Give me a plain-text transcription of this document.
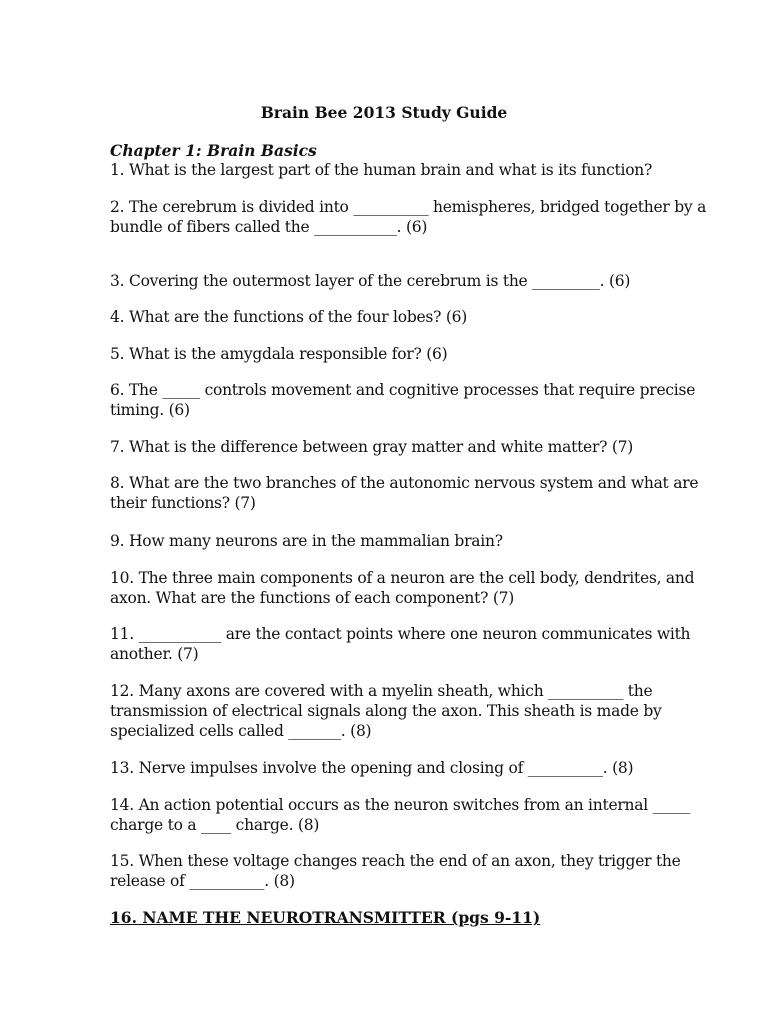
Brain Bee 2013 Study Guide
Chapter 1: Brain Basics
1. What is the largest part of the human brain and what is its function?
2. The cerebrum is divided into __________ hemispheres, bridged together by a bundle of fibers called the ___________. (6)
3. Covering the outermost layer of the cerebrum is the _________. (6)
4. What are the functions of the four lobes? (6)
5. What is the amygdala responsible for? (6)
6. The _____ controls movement and cognitive processes that require precise timing. (6)
7. What is the difference between gray matter and white matter? (7)
8. What are the two branches of the autonomic nervous system and what are their functions? (7)
9. How many neurons are in the mammalian brain?
10. The three main components of a neuron are the cell body, dendrites, and axon. What are the functions of each component? (7)
11. ___________ are the contact points where one neuron communicates with another. (7)
12. Many axons are covered with a myelin sheath, which __________ the transmission of electrical signals along the axon. This sheath is made by specialized cells called _______. (8)
13. Nerve impulses involve the opening and closing of __________. (8)
14. An action potential occurs as the neuron switches from an internal _____ charge to a ____ charge. (8)
15. When these voltage changes reach the end of an axon, they trigger the release of __________. (8)
16. NAME THE NEUROTRANSMITTER (pgs 9-11)
